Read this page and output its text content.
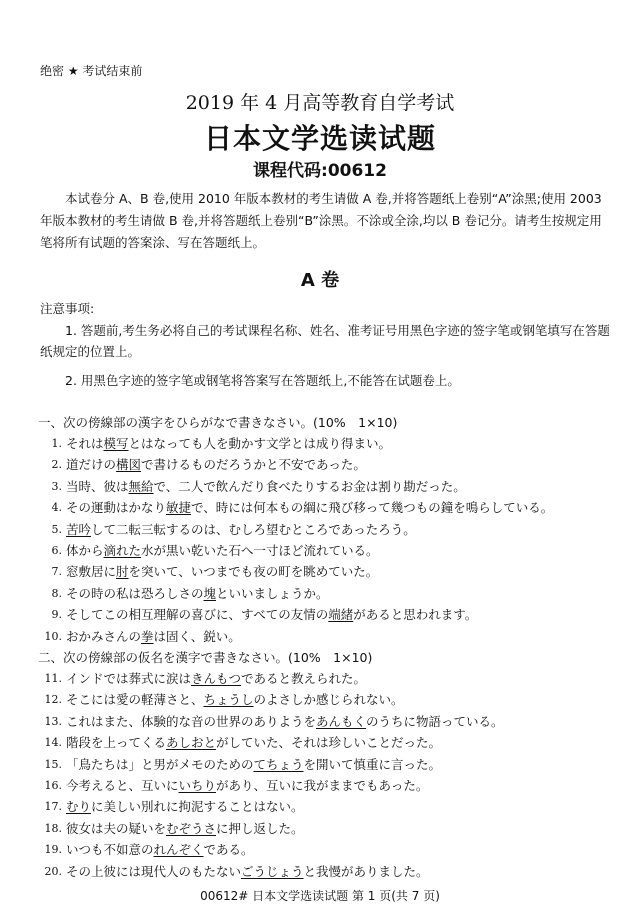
绝密 ★ 考试结束前
2019 年 4 月高等教育自学考试
日本文学选读试题
课程代码:00612
本试卷分 A、B 卷,使用 2010 年版本教材的考生请做 A 卷,并将答题纸上卷别“A”涂黑;使用 2003 年版本教材的考生请做 B 卷,并将答题纸上卷别“B”涂黑。不涂或全涂,均以 B 卷记分。请考生按规定用笔将所有试题的答案涂、写在答题纸上。
A 卷
注意事项:
1. 答题前,考生务必将自己的考试课程名称、姓名、准考证号用黑色字迹的签字笔或钢笔填写在答题纸规定的位置上。
2. 用黑色字迹的签字笔或钢笔将答案写在答题纸上,不能答在试题卷上。
一、次の傍線部の漢字をひらがなで書きなさい。(10%　1×10)
1. それは模写とはなっても人を動かす文学とは成り得まい。
2. 道だけの構図で書けるものだろうかと不安であった。
3. 当時、彼は無給で、二人で飲んだり食べたりするお金は割り勘だった。
4. その運動はかなり敏捷で、時には何本もの綱に飛び移って幾つもの鐘を鳴らしている。
5. 苦吟して二転三転するのは、むしろ望むところであったろう。
6. 体から滴れた水が黒い乾いた石へ一寸ほど流れている。
7. 窓敷居に肘を突いて、いつまでも夜の町を眺めていた。
8. その時の私は恐ろしさの塊といいましょうか。
9. そしてこの相互理解の喜びに、すべての友情の端緒があると思われます。
10. おかみさんの拳は固く、鋭い。
二、次の傍線部の仮名を漢字で書きなさい。(10%　1×10)
11. インドでは葬式に涙はきんもつであると教えられた。
12. そこには愛の軽薄さと、ちょうしのよさしか感じられない。
13. これはまた、体験的な音の世界のありようをあんもくのうちに物語っている。
14. 階段を上ってくるあしおとがしていた、それは珍しいことだった。
15. 「鳥たちは」と男がメモのためのてちょうを開いて慎重に言った。
16. 今考えると、互いにいちりがあり、互いに我がままでもあった。
17. むりに美しい別れに拘泥することはない。
18. 彼女は夫の疑いをむぞうさに押し返した。
19. いつも不如意のれんぞくである。
20. その上彼には現代人のもたないごうじょうと我慢がありました。
00612# 日本文学选读试题 第 1 页(共 7 页)
